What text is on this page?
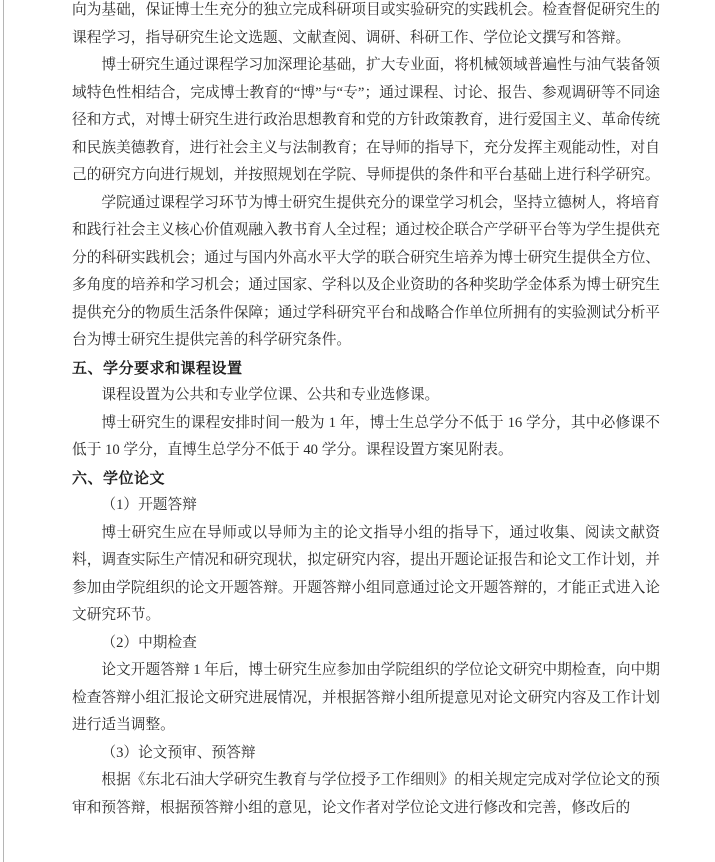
向为基础，保证博士生充分的独立完成科研项目或实验研究的实践机会。检查督促研究生的课程学习，指导研究生论文选题、文献查阅、调研、科研工作、学位论文撰写和答辩。

博士研究生通过课程学习加深理论基础，扩大专业面，将机械领域普遍性与油气装备领域特色性相结合，完成博士教育的“博”与“专”；通过课程、讨论、报告、参观调研等不同途径和方式，对博士研究生进行政治思想教育和党的方针政策教育，进行爱国主义、革命传统和民族美德教育，进行社会主义与法制教育；在导师的指导下，充分发挥主观能动性，对自己的研究方向进行规划，并按照规划在学院、导师提供的条件和平台基础上进行科学研究。

学院通过课程学习环节为博士研究生提供充分的课堂学习机会，坚持立德树人，将培育和践行社会主义核心价值观融入教书育人全过程；通过校企联合产学研平台等为学生提供充分的科研实践机会；通过与国内外高水平大学的联合研究生培养为博士研究生提供全方位、多角度的培养和学习机会；通过国家、学科以及企业资助的各种奖助学金体系为博士研究生提供充分的物质生活条件保障；通过学科研究平台和战略合作单位所拥有的实验测试分析平台为博士研究生提供完善的科学研究条件。

五、学分要求和课程设置

课程设置为公共和专业学位课、公共和专业选修课。

博士研究生的课程安排时间一般为 1 年，博士生总学分不低于 16 学分，其中必修课不低于 10 学分，直博生总学分不低于 40 学分。课程设置方案见附表。

六、学位论文

（1）开题答辩

博士研究生应在导师或以导师为主的论文指导小组的指导下，通过收集、阅读文献资料，调查实际生产情况和研究现状，拟定研究内容，提出开题论证报告和论文工作计划，并参加由学院组织的论文开题答辩。开题答辩小组同意通过论文开题答辩的，才能正式进入论文研究环节。

（2）中期检查

论文开题答辩 1 年后，博士研究生应参加由学院组织的学位论文研究中期检查，向中期检查答辩小组汇报论文研究进展情况，并根据答辩小组所提意见对论文研究内容及工作计划进行适当调整。

（3）论文预审、预答辩

根据《东北石油大学研究生教育与学位授予工作细则》的相关规定完成对学位论文的预审和预答辩，根据预答辩小组的意见，论文作者对学位论文进行修改和完善，修改后的
